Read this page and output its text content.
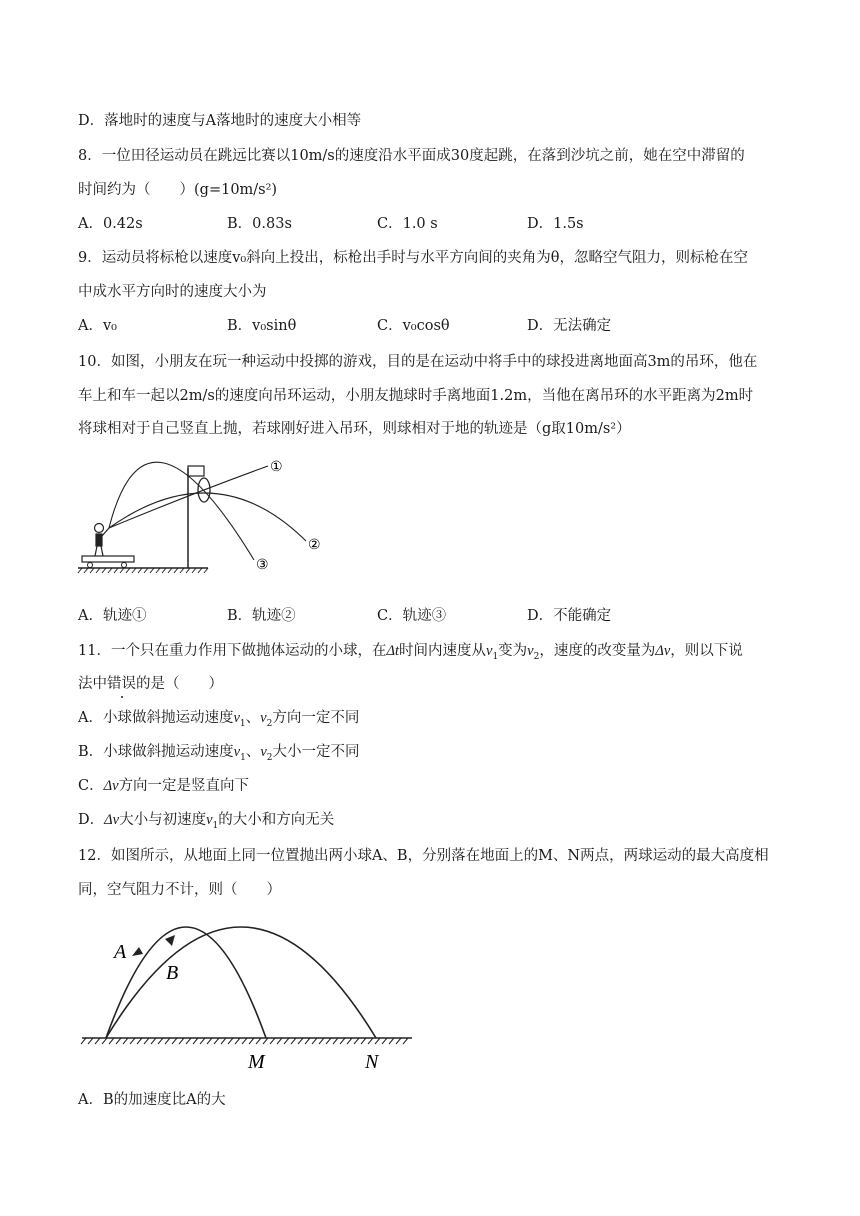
D．落地时的速度与A落地时的速度大小相等
8．一位田径运动员在跳远比赛以10m/s的速度沿水平面成30度起跳，在落到沙坑之前，她在空中滞留的
时间约为（　　）(g=10m/s²)
A．0.42s	B．0.83s	C．1.0 s	D．1.5s
9．运动员将标枪以速度v₀斜向上投出，标枪出手时与水平方向间的夹角为θ，忽略空气阻力，则标枪在空
中成水平方向时的速度大小为
A．v₀	B．v₀sinθ	C．v₀cosθ	D．无法确定
10．如图，小朋友在玩一种运动中投掷的游戏，目的是在运动中将手中的球投进离地面高3m的吊环，他在
车上和车一起以2m/s的速度向吊环运动，小朋友抛球时手离地面1.2m，当他在离吊环的水平距离为2m时
将球相对于自己竖直上抛，若球刚好进入吊环，则球相对于地的轨迹是（g取10m/s²）
①
②
③
A．轨迹①	B．轨迹②	C．轨迹③	D．不能确定
11．一个只在重力作用下做抛体运动的小球，在Δt时间内速度从$v_1$变为$v_2$，速度的改变量为Δv，则以下说
法中错误的是（　　）
A．小球做斜抛运动速度$v_1$、$v_2$方向一定不同
B．小球做斜抛运动速度$v_1$、$v_2$大小一定不同
C．Δv方向一定是竖直向下
D．Δv大小与初速度$v_1$的大小和方向无关
12．如图所示，从地面上同一位置抛出两小球A、B，分别落在地面上的M、N两点，两球运动的最大高度相
同，空气阻力不计，则（　　）
A
B
M	N
A．B的加速度比A的大
